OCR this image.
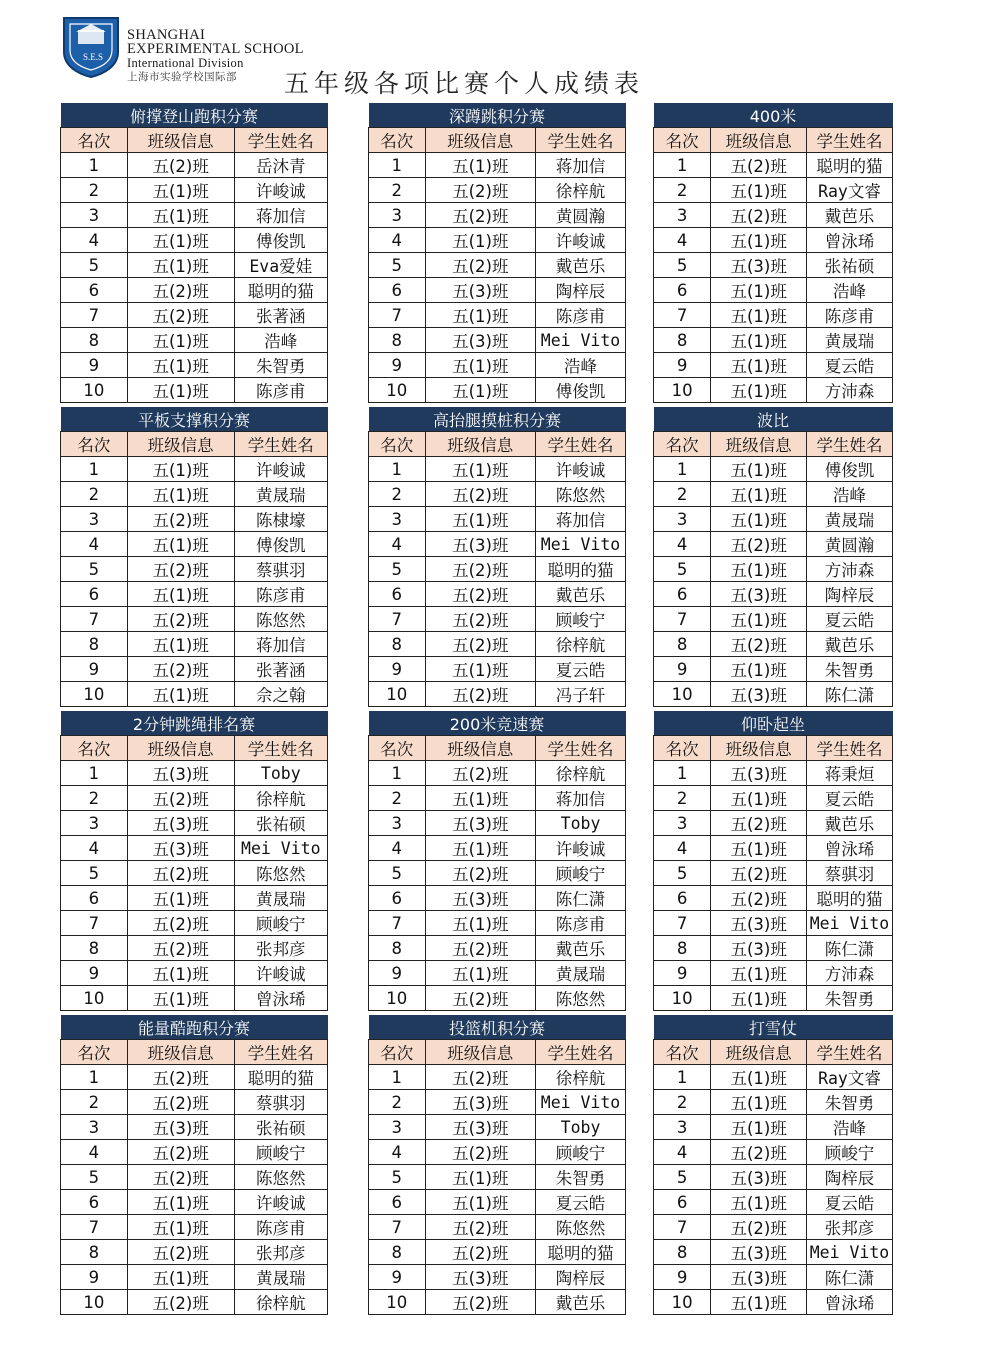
S.E.S
SHANGHAI
EXPERIMENTAL SCHOOL
International Division
上海市实验学校国际部	五年级各项比赛个人成绩表
俯撑登山跑积分赛		
名次	班级信息	学生姓名
1	五(2)班	岳沐青
2	五(1)班	许峻诚
3	五(1)班	蒋加信
4	五(1)班	傅俊凯
5	五(1)班	Eva爱娃
6	五(2)班	聪明的猫
7	五(2)班	张著涵
8	五(1)班	浩峰
9	五(1)班	朱智勇
10	五(1)班	陈彦甫
深蹲跳积分赛		
名次	班级信息	学生姓名
1	五(1)班	蒋加信
2	五(2)班	徐梓航
3	五(2)班	黄圆瀚
4	五(1)班	许峻诚
5	五(2)班	戴芭乐
6	五(3)班	陶梓辰
7	五(1)班	陈彦甫
8	五(3)班	Mei Vito
9	五(1)班	浩峰
10	五(1)班	傅俊凯
400米		
名次	班级信息	学生姓名
1	五(2)班	聪明的猫
2	五(1)班	Ray文睿
3	五(2)班	戴芭乐
4	五(1)班	曾泳琋
5	五(3)班	张祐硕
6	五(1)班	浩峰
7	五(1)班	陈彦甫
8	五(1)班	黄晟瑞
9	五(1)班	夏云皓
10	五(1)班	方沛森
平板支撑积分赛		
名次	班级信息	学生姓名
1	五(1)班	许峻诚
2	五(1)班	黄晟瑞
3	五(2)班	陈棣壕
4	五(1)班	傅俊凯
5	五(2)班	蔡骐羽
6	五(1)班	陈彦甫
7	五(2)班	陈悠然
8	五(1)班	蒋加信
9	五(2)班	张著涵
10	五(1)班	佘之翰
高抬腿摸桩积分赛		
名次	班级信息	学生姓名
1	五(1)班	许峻诚
2	五(2)班	陈悠然
3	五(1)班	蒋加信
4	五(3)班	Mei Vito
5	五(2)班	聪明的猫
6	五(2)班	戴芭乐
7	五(2)班	顾峻宁
8	五(2)班	徐梓航
9	五(1)班	夏云皓
10	五(2)班	冯子轩
波比		
名次	班级信息	学生姓名
1	五(1)班	傅俊凯
2	五(1)班	浩峰
3	五(1)班	黄晟瑞
4	五(2)班	黄圆瀚
5	五(1)班	方沛森
6	五(3)班	陶梓辰
7	五(1)班	夏云皓
8	五(2)班	戴芭乐
9	五(1)班	朱智勇
10	五(3)班	陈仁潇
2分钟跳绳排名赛		
名次	班级信息	学生姓名
1	五(3)班	Toby
2	五(2)班	徐梓航
3	五(3)班	张祐硕
4	五(3)班	Mei Vito
5	五(2)班	陈悠然
6	五(1)班	黄晟瑞
7	五(2)班	顾峻宁
8	五(2)班	张邦彦
9	五(1)班	许峻诚
10	五(1)班	曾泳琋
200米竞速赛		
名次	班级信息	学生姓名
1	五(2)班	徐梓航
2	五(1)班	蒋加信
3	五(3)班	Toby
4	五(1)班	许峻诚
5	五(2)班	顾峻宁
6	五(3)班	陈仁潇
7	五(1)班	陈彦甫
8	五(2)班	戴芭乐
9	五(1)班	黄晟瑞
10	五(2)班	陈悠然
仰卧起坐		
名次	班级信息	学生姓名
1	五(3)班	蒋秉烜
2	五(1)班	夏云皓
3	五(2)班	戴芭乐
4	五(1)班	曾泳琋
5	五(2)班	蔡骐羽
6	五(2)班	聪明的猫
7	五(3)班	Mei Vito
8	五(3)班	陈仁潇
9	五(1)班	方沛森
10	五(1)班	朱智勇
能量酷跑积分赛		
名次	班级信息	学生姓名
1	五(2)班	聪明的猫
2	五(2)班	蔡骐羽
3	五(3)班	张祐硕
4	五(2)班	顾峻宁
5	五(2)班	陈悠然
6	五(1)班	许峻诚
7	五(1)班	陈彦甫
8	五(2)班	张邦彦
9	五(1)班	黄晟瑞
10	五(2)班	徐梓航
投篮机积分赛		
名次	班级信息	学生姓名
1	五(2)班	徐梓航
2	五(3)班	Mei Vito
3	五(3)班	Toby
4	五(2)班	顾峻宁
5	五(1)班	朱智勇
6	五(1)班	夏云皓
7	五(2)班	陈悠然
8	五(2)班	聪明的猫
9	五(3)班	陶梓辰
10	五(2)班	戴芭乐
打雪仗		
名次	班级信息	学生姓名
1	五(1)班	Ray文睿
2	五(1)班	朱智勇
3	五(1)班	浩峰
4	五(2)班	顾峻宁
5	五(3)班	陶梓辰
6	五(1)班	夏云皓
7	五(2)班	张邦彦
8	五(3)班	Mei Vito
9	五(3)班	陈仁潇
10	五(1)班	曾泳琋
